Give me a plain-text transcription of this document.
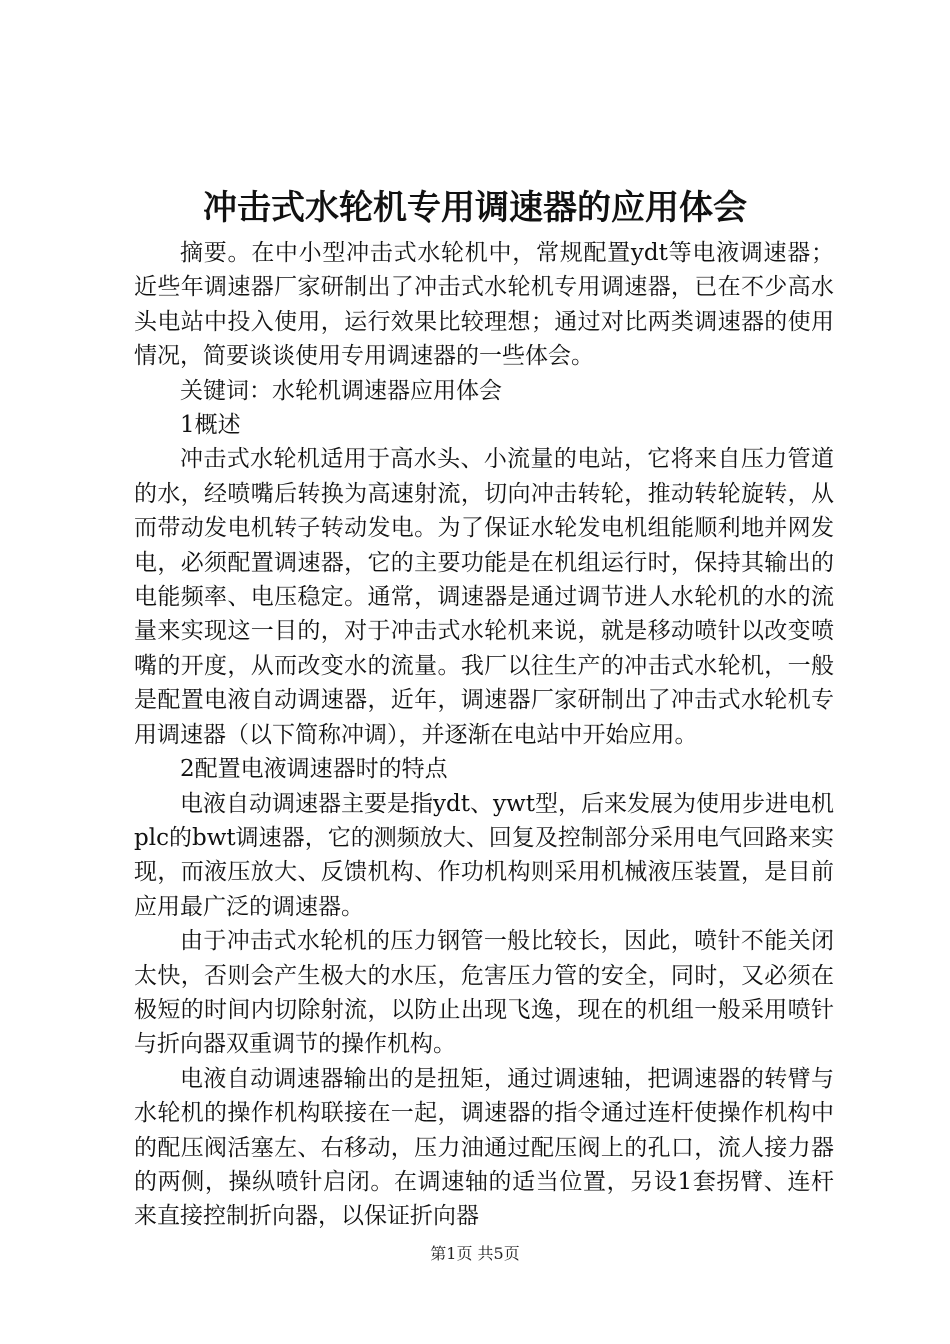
冲击式水轮机专用调速器的应用体会

摘要。在中小型冲击式水轮机中，常规配置ydt等电液调速器；近些年调速器厂家研制出了冲击式水轮机专用调速器，已在不少高水头电站中投入使用，运行效果比较理想；通过对比两类调速器的使用情况，简要谈谈使用专用调速器的一些体会。

关键词：水轮机调速器应用体会

1概述

冲击式水轮机适用于高水头、小流量的电站，它将来自压力管道的水，经喷嘴后转换为高速射流，切向冲击转轮，推动转轮旋转，从而带动发电机转子转动发电。为了保证水轮发电机组能顺利地并网发电，必须配置调速器，它的主要功能是在机组运行时，保持其输出的电能频率、电压稳定。通常，调速器是通过调节进人水轮机的水的流量来实现这一目的，对于冲击式水轮机来说，就是移动喷针以改变喷嘴的开度，从而改变水的流量。我厂以往生产的冲击式水轮机，一般是配置电液自动调速器，近年，调速器厂家研制出了冲击式水轮机专用调速器（以下简称冲调），并逐渐在电站中开始应用。

2配置电液调速器时的特点

电液自动调速器主要是指ydt、ywt型，后来发展为使用步进电机plc的bwt调速器，它的测频放大、回复及控制部分采用电气回路来实现，而液压放大、反馈机构、作功机构则采用机械液压装置，是目前应用最广泛的调速器。

由于冲击式水轮机的压力钢管一般比较长，因此，喷针不能关闭太快，否则会产生极大的水压，危害压力管的安全，同时，又必须在极短的时间内切除射流，以防止出现飞逸，现在的机组一般采用喷针与折向器双重调节的操作机构。

电液自动调速器输出的是扭矩，通过调速轴，把调速器的转臂与水轮机的操作机构联接在一起，调速器的指令通过连杆使操作机构中的配压阀活塞左、右移动，压力油通过配压阀上的孔口，流人接力器的两侧，操纵喷针启闭。在调速轴的适当位置，另设1套拐臂、连杆来直接控制折向器，以保证折向器

第1页 共5页
